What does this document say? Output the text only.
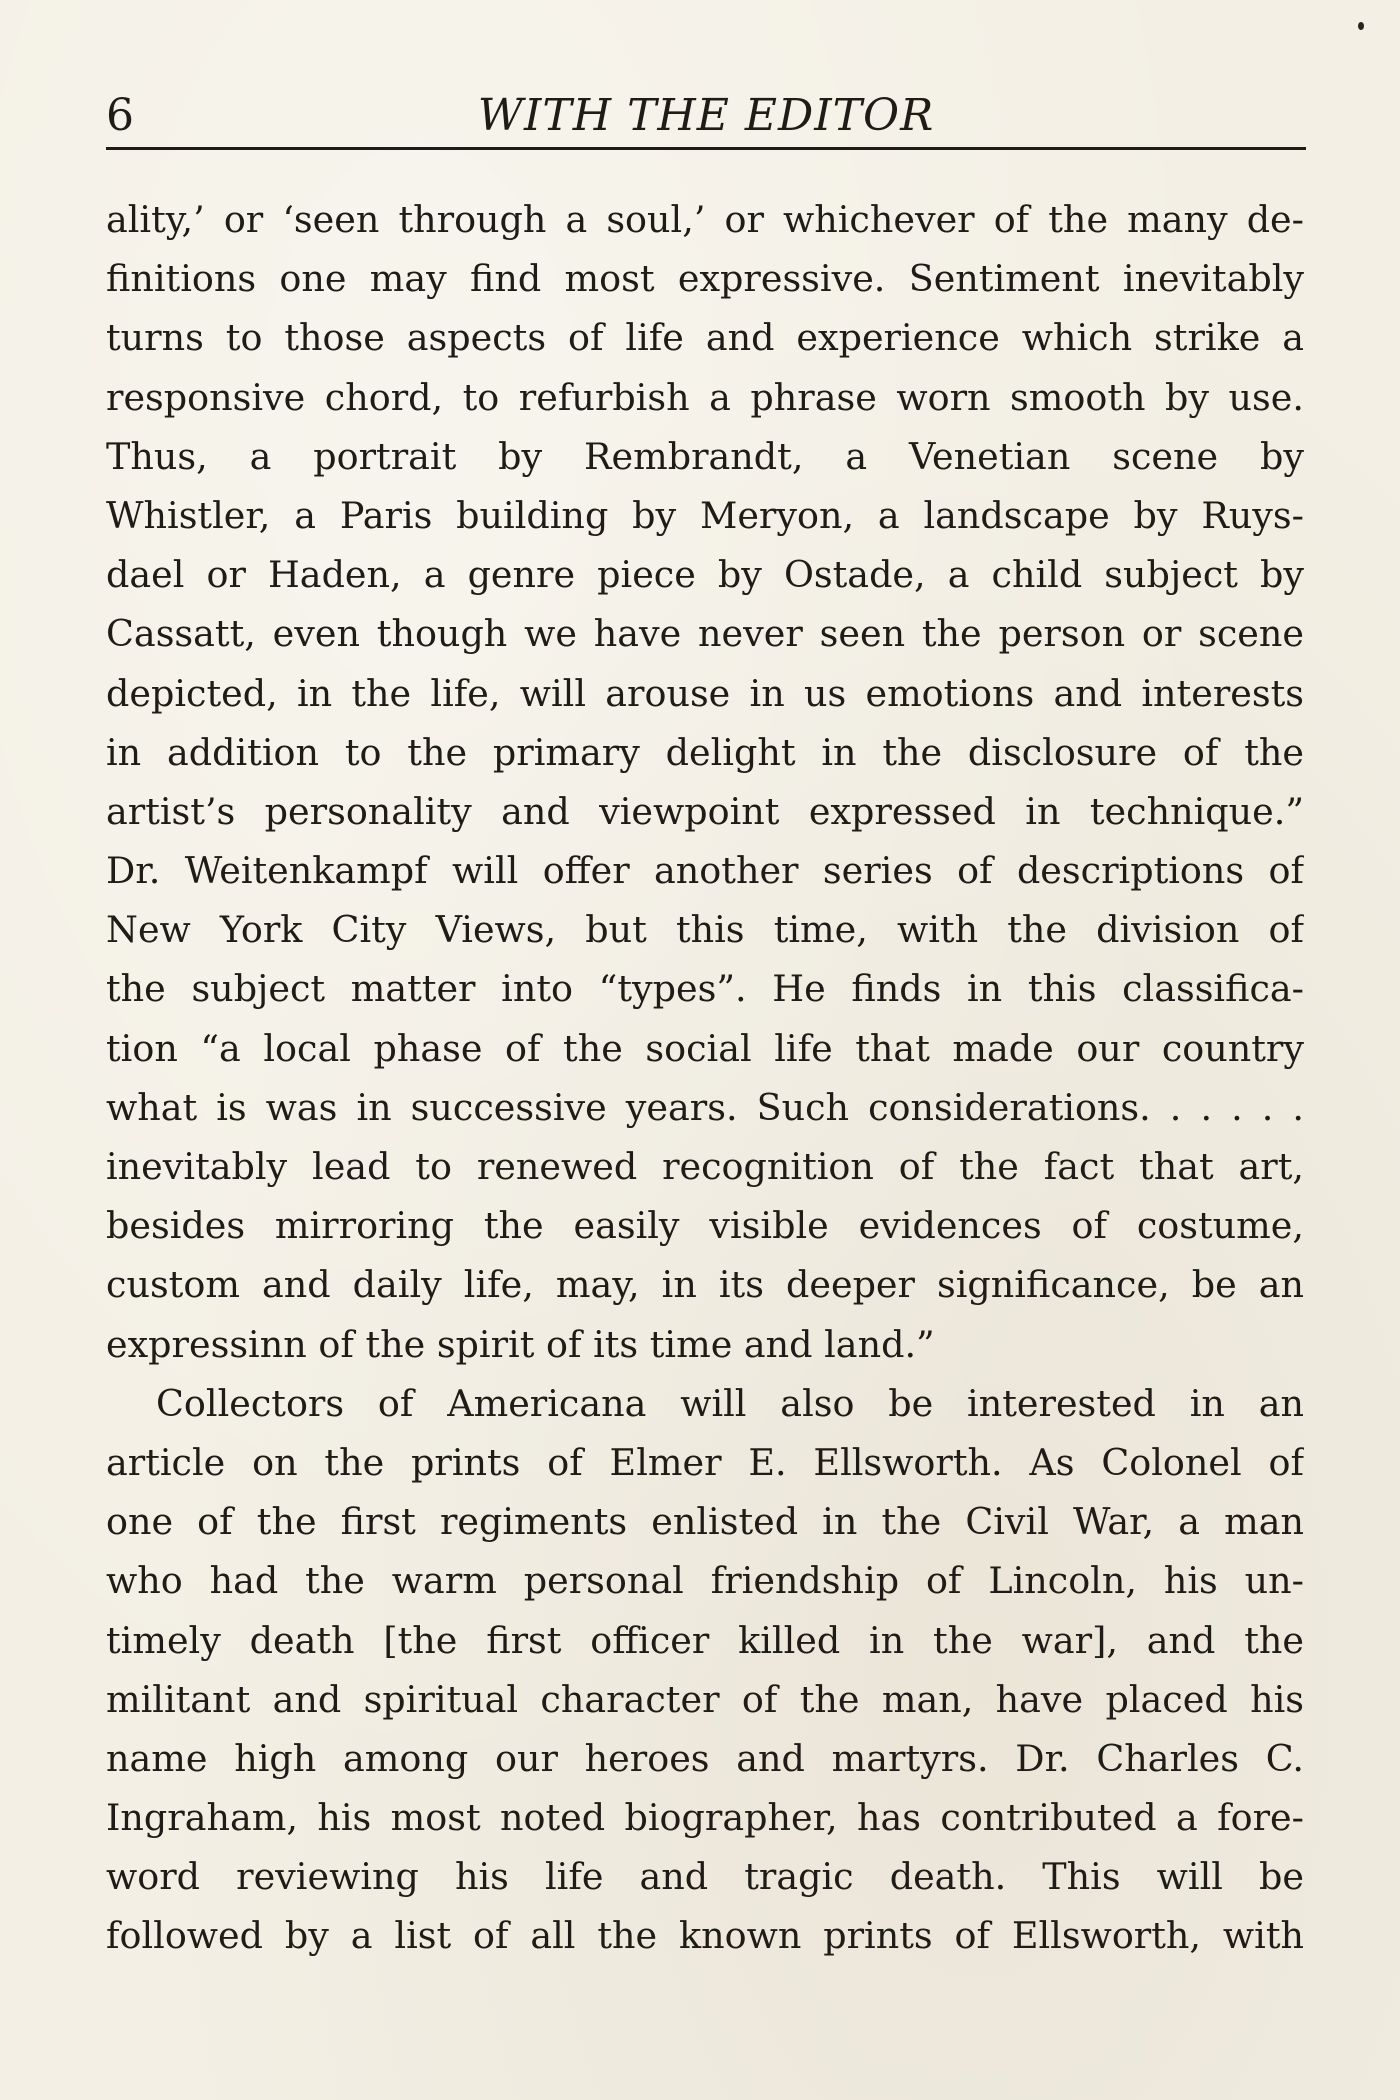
6	WITH THE EDITOR
ality,’ or ‘seen through a soul,’ or whichever of the many de-
finitions one may find most expressive. Sentiment inevitably
turns to those aspects of life and experience which strike a
responsive chord, to refurbish a phrase worn smooth by use.
Thus, a portrait by Rembrandt, a Venetian scene by
Whistler, a Paris building by Meryon, a landscape by Ruys-
dael or Haden, a genre piece by Ostade, a child subject by
Cassatt, even though we have never seen the person or scene
depicted, in the life, will arouse in us emotions and interests
in addition to the primary delight in the disclosure of the
artist’s personality and viewpoint expressed in technique.”
Dr. Weitenkampf will offer another series of descriptions of
New York City Views, but this time, with the division of
the subject matter into “types”. He finds in this classifica-
tion “a local phase of the social life that made our country
what is was in successive years. Such considerations. . . . . .
inevitably lead to renewed recognition of the fact that art,
besides mirroring the easily visible evidences of costume,
custom and daily life, may, in its deeper significance, be an
expressinn of the spirit of its time and land.”
Collectors of Americana will also be interested in an
article on the prints of Elmer E. Ellsworth. As Colonel of
one of the first regiments enlisted in the Civil War, a man
who had the warm personal friendship of Lincoln, his un-
timely death [the first officer killed in the war], and the
militant and spiritual character of the man, have placed his
name high among our heroes and martyrs. Dr. Charles C.
Ingraham, his most noted biographer, has contributed a fore-
word reviewing his life and tragic death. This will be
followed by a list of all the known prints of Ellsworth, with
